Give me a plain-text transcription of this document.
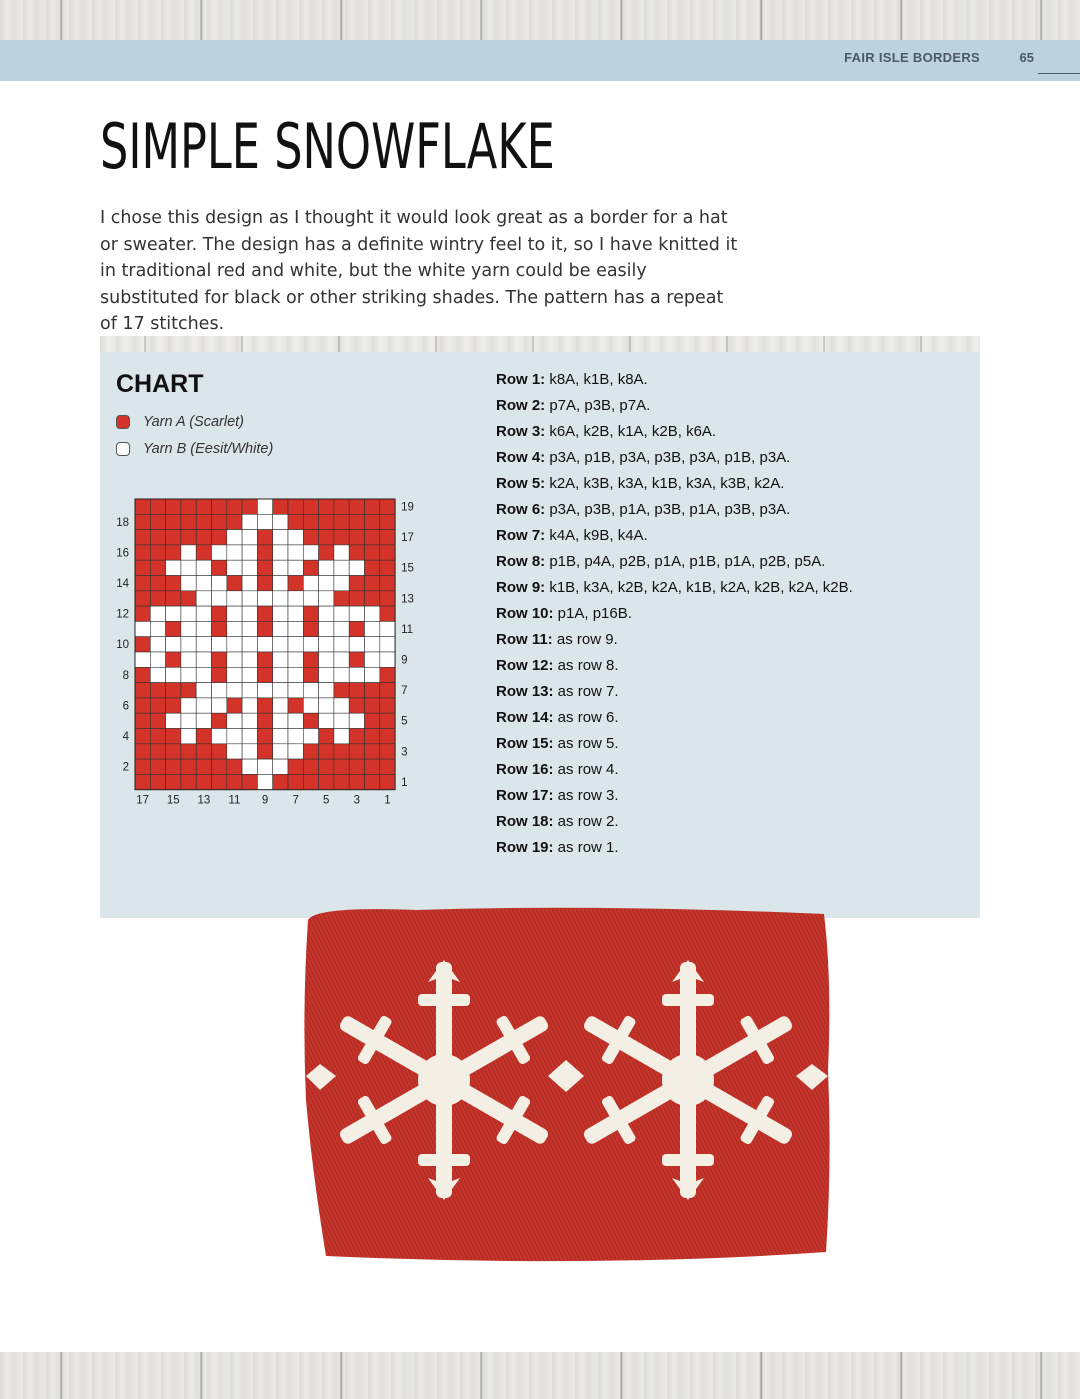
FAIR ISLE BORDERS	65
SIMPLE SNOWFLAKE

I chose this design as I thought it would look great as a border for a hat or sweater. The design has a definite wintry feel to it, so I have knitted it in traditional red and white, but the white yarn could be easily substituted for black or other striking shades. The pattern has a repeat of 17 stitches.

CHART
Yarn A (Scarlet)
Yarn B (Eesit/White)
18
16
14
12
10
8
6
4
2
19
17
15
13
11
9
7
5
3
1
17 15 13 11 9 7 5 3 1
Row 1: k8A, k1B, k8A.
Row 2: p7A, p3B, p7A.
Row 3: k6A, k2B, k1A, k2B, k6A.
Row 4: p3A, p1B, p3A, p3B, p3A, p1B, p3A.
Row 5: k2A, k3B, k3A, k1B, k3A, k3B, k2A.
Row 6: p3A, p3B, p1A, p3B, p1A, p3B, p3A.
Row 7: k4A, k9B, k4A.
Row 8: p1B, p4A, p2B, p1A, p1B, p1A, p2B, p5A.
Row 9: k1B, k3A, k2B, k2A, k1B, k2A, k2B, k2A, k2B.
Row 10: p1A, p16B.
Row 11: as row 9.
Row 12: as row 8.
Row 13: as row 7.
Row 14: as row 6.
Row 15: as row 5.
Row 16: as row 4.
Row 17: as row 3.
Row 18: as row 2.
Row 19: as row 1.
